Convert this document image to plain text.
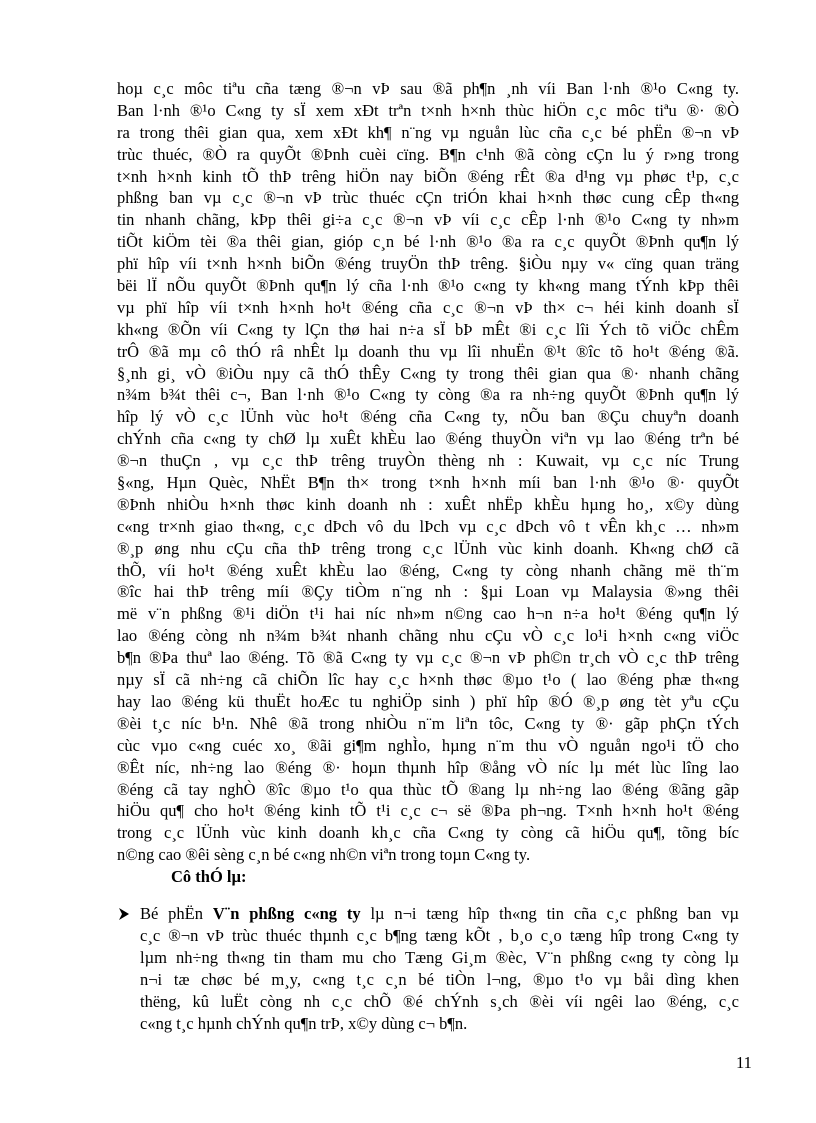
hoµ c¸c môc tiªu cña tæng ®¬n vÞ sau ®ã ph¶n ¸nh víi Ban l·nh ®¹o C«ng ty.
Ban l·nh ®¹o C«ng ty sÏ xem xÐt trªn t×nh h×nh thùc hiÖn c¸c môc tiªu ®· ®Ò
ra trong thêi gian qua, xem xÐt kh¶ n¨ng vµ nguån lùc cña c¸c bé phËn ®¬n vÞ
trùc thuéc, ®Ò ra quyÕt ®Þnh cuèi cïng. B¶n c¹nh ®ã còng cÇn lu ý r»ng trong
t×nh h×nh kinh tÕ thÞ trêng hiÖn nay biÕn ®éng rÊt ®a d¹ng vµ phøc t¹p, c¸c
phßng ban vµ c¸c ®¬n vÞ trùc thuéc cÇn triÓn khai h×nh thøc cung cÊp th«ng
tin nhanh chãng, kÞp thêi gi÷a c¸c ®¬n vÞ víi c¸c cÊp l·nh ®¹o C«ng ty nh»m
tiÕt kiÖm tèi ®a thêi gian, gióp c¸n bé l·nh ®¹o ®a ra c¸c quyÕt ®Þnh qu¶n lý
phï hîp víi t×nh h×nh biÕn ®éng truyÖn thÞ trêng. §iÒu nµy v« cïng quan träng
bëi lÏ nÕu quyÕt ®Þnh qu¶n lý cña l·nh ®¹o c«ng ty kh«ng mang tÝnh kÞp thêi
vµ phï hîp víi t×nh h×nh ho¹t ®éng cña c¸c ®¬n vÞ th× c¬ héi kinh doanh sÏ
kh«ng ®Õn víi C«ng ty lÇn thø hai n÷a sÏ bÞ mÊt ®i c¸c lîi Ých tõ viÖc chÊm
trÔ ®ã mµ cô thÓ râ nhÊt lµ doanh thu vµ lîi nhuËn ®¹t ®îc tõ ho¹t ®éng ®ã.
§¸nh gi¸ vÒ ®iÒu nµy cã thÓ thÊy C«ng ty trong thêi gian qua ®· nhanh chãng
n¾m b¾t thêi c¬, Ban l·nh ®¹o C«ng ty còng ®a ra nh÷ng quyÕt ®Þnh qu¶n lý
hîp lý vÒ c¸c lÜnh vùc ho¹t ®éng cña C«ng ty, nÕu ban ®Çu chuyªn doanh
chÝnh cña c«ng ty chØ lµ xuÊt khÈu lao ®éng thuyÒn viªn vµ lao ®éng trªn bé
®¬n thuÇn , vµ c¸c thÞ trêng truyÒn thèng nh : Kuwait, vµ c¸c níc Trung
§«ng, Hµn Quèc, NhËt B¶n th× trong t×nh h×nh míi ban l·nh ®¹o ®· quyÕt
®Þnh nhiÒu h×nh thøc kinh doanh nh : xuÊt nhËp khÈu hµng ho¸, x©y dùng
c«ng tr×nh giao th«ng, c¸c dÞch vô du lÞch vµ c¸c dÞch vô t vÊn kh¸c … nh»m
®¸p øng nhu cÇu cña thÞ trêng trong c¸c lÜnh vùc kinh doanh. Kh«ng chØ cã
thÕ, víi ho¹t ®éng xuÊt khÈu lao ®éng, C«ng ty còng nhanh chãng më th¨m
®îc hai thÞ trêng míi ®Çy tiÒm n¨ng nh : §µi Loan vµ Malaysia ®»ng thêi
më v¨n phßng ®¹i diÖn t¹i hai níc nh»m n©ng cao h¬n n÷a ho¹t ®éng qu¶n lý
lao ®éng còng nh n¾m b¾t nhanh chãng nhu cÇu vÒ c¸c lo¹i h×nh c«ng viÖc
b¶n ®Þa thuª lao ®éng. Tõ ®ã C«ng ty vµ c¸c ®¬n vÞ ph©n tr¸ch vÒ c¸c thÞ trêng
nµy sÏ cã nh÷ng cã chiÕn lîc hay c¸c h×nh thøc ®µo t¹o ( lao ®éng phæ th«ng
hay lao ®éng kü thuËt hoÆc tu nghiÖp sinh ) phï hîp ®Ó ®¸p øng tèt yªu cÇu
®èi t¸c níc b¹n. Nhê ®ã trong nhiÒu n¨m liªn tôc, C«ng ty ®· gãp phÇn tÝch
cùc vµo c«ng cuéc xo¸ ®ãi gi¶m nghÌo, hµng n¨m thu vÒ nguån ngo¹i tÖ cho
®Êt níc, nh÷ng lao ®éng ®· hoµn thµnh hîp ®ång vÒ níc lµ mét lùc lîng lao
®éng cã tay nghÒ ®îc ®µo t¹o qua thùc tÕ ®ang lµ nh÷ng lao ®éng ®ãng gãp
hiÖu qu¶ cho ho¹t ®éng kinh tÕ t¹i c¸c c¬ së ®Þa ph¬ng. T×nh h×nh ho¹t ®éng
trong c¸c lÜnh vùc kinh doanh kh¸c cña C«ng ty còng cã hiÖu qu¶, tõng bíc
n©ng cao ®êi sèng c¸n bé c«ng nh©n viªn trong toµn C«ng ty.
Cô thÓ lµ:
Bé phËn V¨n phßng c«ng ty lµ n¬i tæng hîp th«ng tin cña c¸c phßng ban vµ
c¸c ®¬n vÞ trùc thuéc thµnh c¸c b¶ng tæng kÕt , b¸o c¸o tæng hîp trong C«ng ty
lµm nh÷ng th«ng tin tham mu cho Tæng Gi¸m ®èc, V¨n phßng c«ng ty còng lµ
n¬i tæ chøc bé m¸y, c«ng t¸c c¸n bé tiÒn l¬ng, ®µo t¹o vµ båi dìng khen
thëng, kû luËt còng nh c¸c chÕ ®é chÝnh s¸ch ®èi víi ngêi lao ®éng, c¸c
c«ng t¸c hµnh chÝnh qu¶n trÞ, x©y dùng c¬ b¶n.
11
